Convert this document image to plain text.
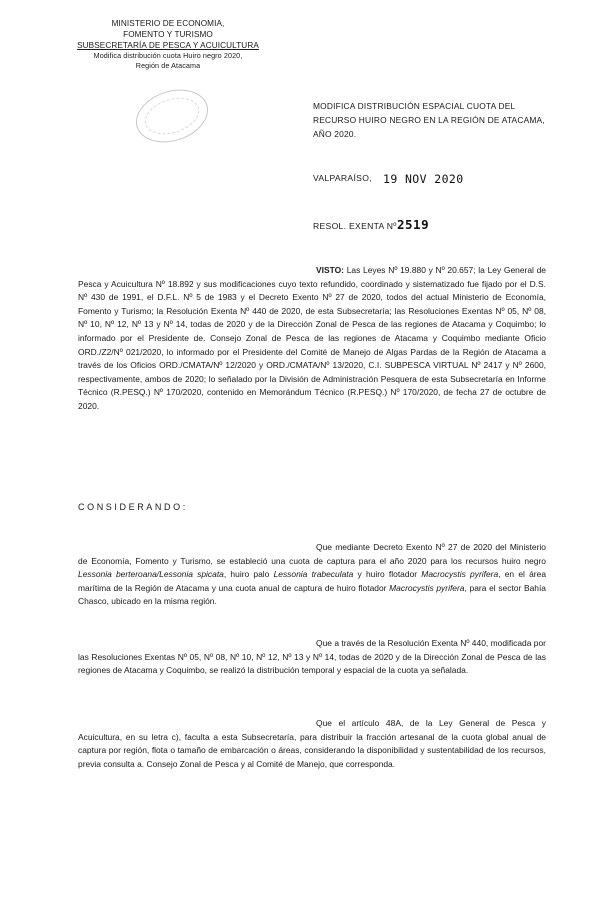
MINISTERIO DE ECONOMIA,
FOMENTO Y TURISMO
SUBSECRETARÍA DE PESCA Y ACUICULTURA
Modifica distribución cuota Huiro negro 2020,
Región de Atacama
MODIFICA DISTRIBUCIÓN ESPACIAL CUOTA DEL
RECURSO HUIRO NEGRO EN LA REGIÓN DE ATACAMA,
AÑO 2020.
VALPARAÍSO, 19 NOV 2020
RESOL. EXENTA Nº 2519
VISTO: Las Leyes Nº 19.880 y Nº 20.657; la Ley General de Pesca y Acuicultura Nº 18.892 y sus modificaciones cuyo texto refundido, coordinado y sistematizado fue fijado por el D.S. Nº 430 de 1991, el D.F.L. Nº 5 de 1983 y el Decreto Exento Nº 27 de 2020, todos del actual Ministerio de Economía, Fomento y Turismo; la Resolución Exenta Nº 440 de 2020, de esta Subsecretaría; las Resoluciones Exentas Nº 05, Nº 08, Nº 10, Nº 12, Nº 13 y Nº 14, todas de 2020 y de la Dirección Zonal de Pesca de las regiones de Atacama y Coquimbo; lo informado por el Presidente de. Consejo Zonal de Pesca de las regiones de Atacama y Coquimbo mediante Oficio ORD./Z2/Nº 021/2020, lo informado por el Presidente del Comité de Manejo de Algas Pardas de la Región de Atacama a través de los Oficios ORD./CMATA/Nº 12/2020 y ORD./CMATA/Nº 13/2020, C.I. SUBPESCA VIRTUAL Nº 2417 y Nº 2600, respectivamente, ambos de 2020; lo señalado por la División de Administración Pesquera de esta Subsecretaría en Informe Técnico (R.PESQ.) Nº 170/2020, contenido en Memorándum Técnico (R.PESQ.) Nº 170/2020, de fecha 27 de octubre de 2020.
CONSIDERANDO:
Que mediante Decreto Exento Nº 27 de 2020 del Ministerio de Economía, Fomento y Turismo, se estableció una cuota de captura para el año 2020 para los recursos huiro negro Lessonia berteroana/Lessonia spicata, huiro palo Lessonia trabeculata y huiro flotador Macrocystis pyrifera, en el área marítima de la Región de Atacama y una cuota anual de captura de huiro flotador Macrocystis pyrifera, para el sector Bahía Chasco, ubicado en la misma región.
Que a través de la Resolución Exenta Nº 440, modificada por las Resoluciones Exentas Nº 05, Nº 08, Nº 10, Nº 12, Nº 13 y Nº 14, todas de 2020 y de la Dirección Zonal de Pesca de las regiones de Atacama y Coquimbo, se realizó la distribución temporal y espacial de la cuota ya señalada.
Que el artículo 48A, de la Ley General de Pesca y Acuicultura, en su letra c), faculta a esta Subsecretaría, para distribuir la fracción artesanal de la cuota global anual de captura por región, flota o tamaño de embarcación o áreas, considerando la disponibilidad y sustentabilidad de los recursos, previa consulta a. Consejo Zonal de Pesca y al Comité de Manejo, que corresponda.
